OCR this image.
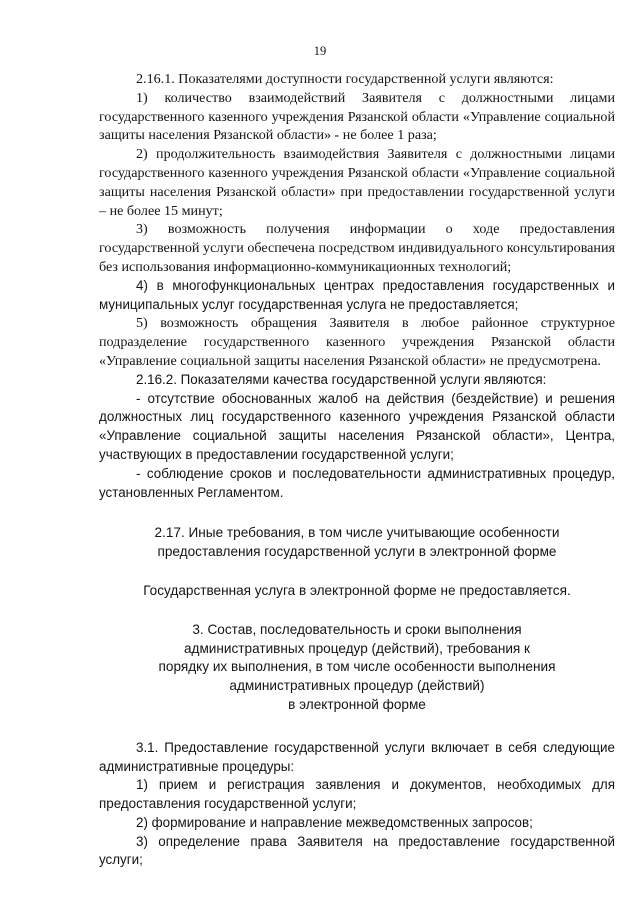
19

2.16.1. Показателями доступности государственной услуги являются:

1) количество взаимодействий Заявителя с должностными лицами государственного казенного учреждения Рязанской области «Управление социальной защиты населения Рязанской области» - не более 1 раза;

2) продолжительность взаимодействия Заявителя с должностными лицами государственного казенного учреждения Рязанской области «Управление социальной защиты населения Рязанской области» при предоставлении государственной услуги – не более 15 минут;

3) возможность получения информации о ходе предоставления государственной услуги обеспечена посредством индивидуального консультирования без использования информационно-коммуникационных технологий;

4) в многофункциональных центрах предоставления государственных и муниципальных услуг государственная услуга не предоставляется;

5) возможность обращения Заявителя в любое районное структурное подразделение государственного казенного учреждения Рязанской области «Управление социальной защиты населения Рязанской области» не предусмотрена.

2.16.2. Показателями качества государственной услуги являются:

- отсутствие обоснованных жалоб на действия (бездействие) и решения должностных лиц государственного казенного учреждения Рязанской области «Управление социальной защиты населения Рязанской области», Центра, участвующих в предоставлении государственной услуги;

- соблюдение сроков и последовательности административных процедур, установленных Регламентом.

2.17. Иные требования, в том числе учитывающие особенности
предоставления государственной услуги в электронной форме

Государственная услуга в электронной форме не предоставляется.

3. Состав, последовательность и сроки выполнения
административных процедур (действий), требования к
порядку их выполнения, в том числе особенности выполнения
административных процедур (действий)
в электронной форме

3.1. Предоставление государственной услуги включает в себя следующие административные процедуры:

1) прием и регистрация заявления и документов, необходимых для предоставления государственной услуги;

2) формирование и направление межведомственных запросов;

3) определение права Заявителя на предоставление государственной услуги;
